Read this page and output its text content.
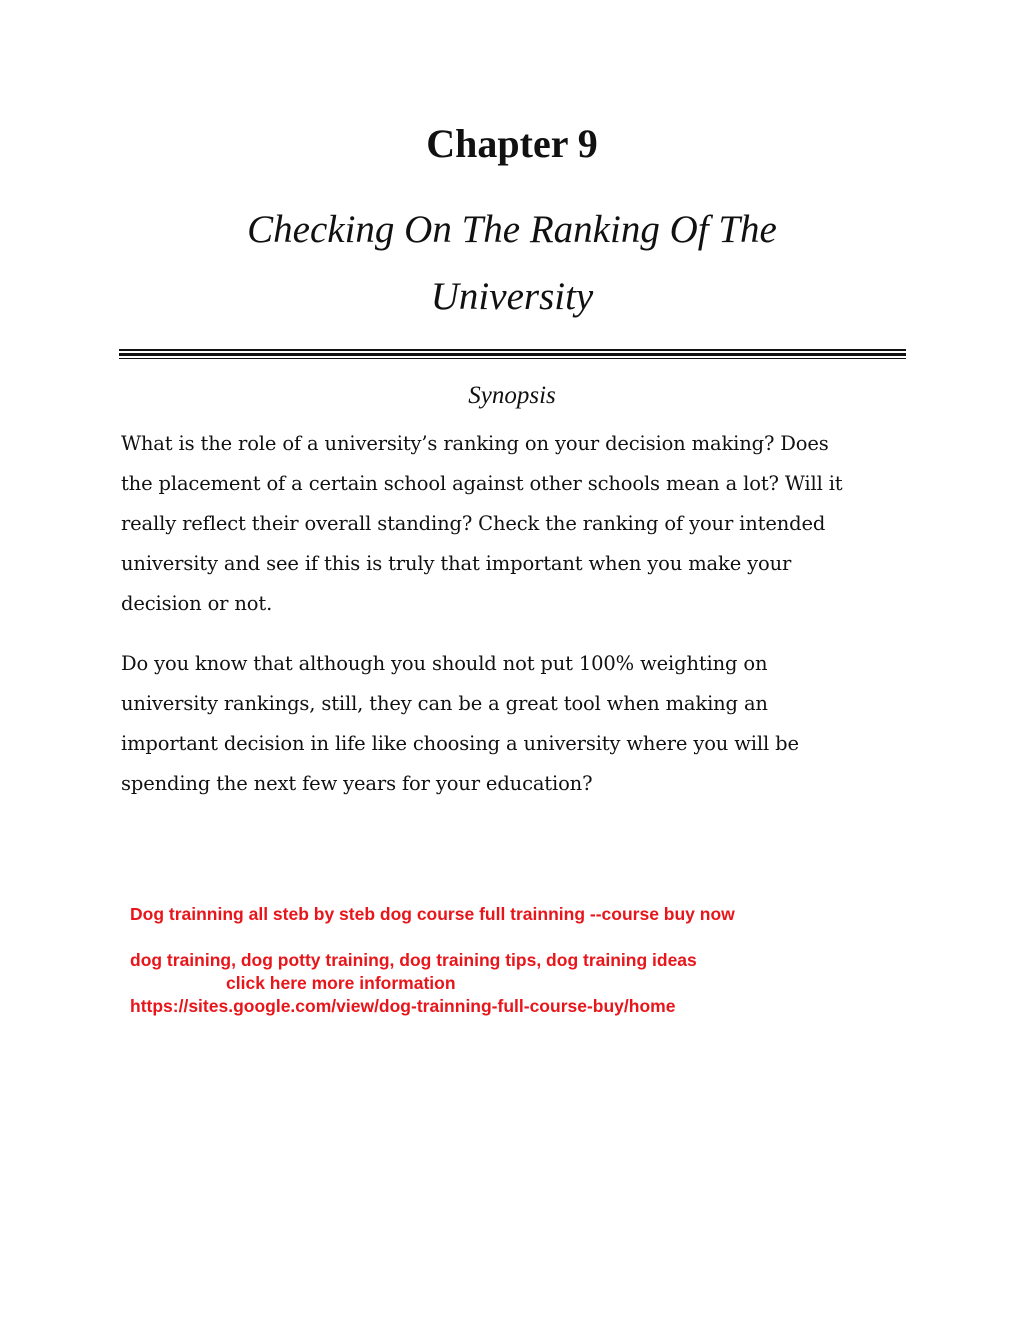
Chapter 9
Checking On The Ranking Of The
University
Synopsis

What is the role of a university’s ranking on your decision making? Does
the placement of a certain school against other schools mean a lot? Will it
really reflect their overall standing? Check the ranking of your intended
university and see if this is truly that important when you make your
decision or not.

Do you know that although you should not put 100% weighting on
university rankings, still, they can be a great tool when making an
important decision in life like choosing a university where you will be
spending the next few years for your education?

Dog trainning all steb by steb dog course full trainning --course buy now
dog training, dog potty training, dog training tips, dog training ideas
click here more information
https://sites.google.com/view/dog-trainning-full-course-buy/home
